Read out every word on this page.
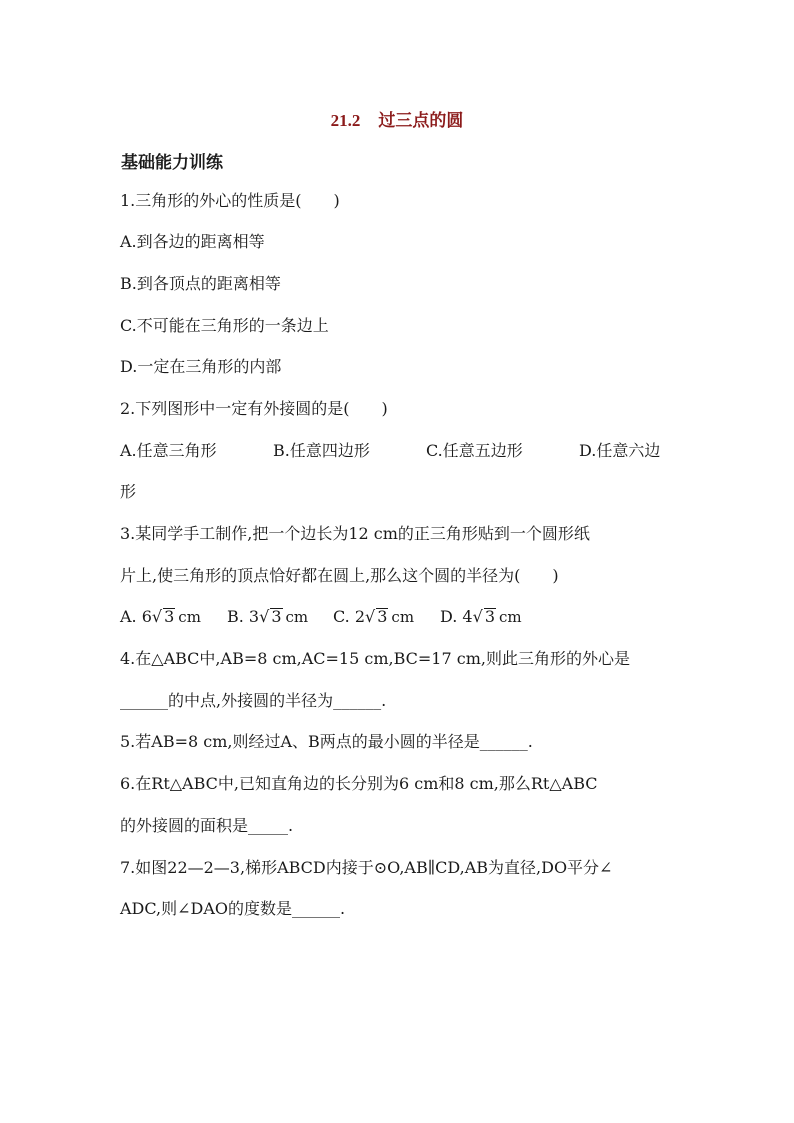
21.2 过三点的圆
基础能力训练
1.三角形的外心的性质是(　　)
A.到各边的距离相等
B.到各顶点的距离相等
C.不可能在三角形的一条边上
D.一定在三角形的内部
2.下列图形中一定有外接圆的是(　　)
A.任意三角形	B.任意四边形	C.任意五边形	D.任意六边
形
3.某同学手工制作,把一个边长为12 cm的正三角形贴到一个圆形纸
片上,使三角形的顶点恰好都在圆上,那么这个圆的半径为(　　)
A. 6√ 3 cm B. 3√ 3 cm C. 2√ 3 cm D. 4√ 3 cm
4.在△ABC中,AB=8 cm,AC=15 cm,BC=17 cm,则此三角形的外心是
______的中点,外接圆的半径为______.
5.若AB=8 cm,则经过A、B两点的最小圆的半径是______.
6.在Rt△ABC中,已知直角边的长分别为6 cm和8 cm,那么Rt△ABC
的外接圆的面积是_____.
7.如图22—2—3,梯形ABCD内接于⊙O,AB∥CD,AB为直径,DO平分∠
ADC,则∠DAO的度数是______.
